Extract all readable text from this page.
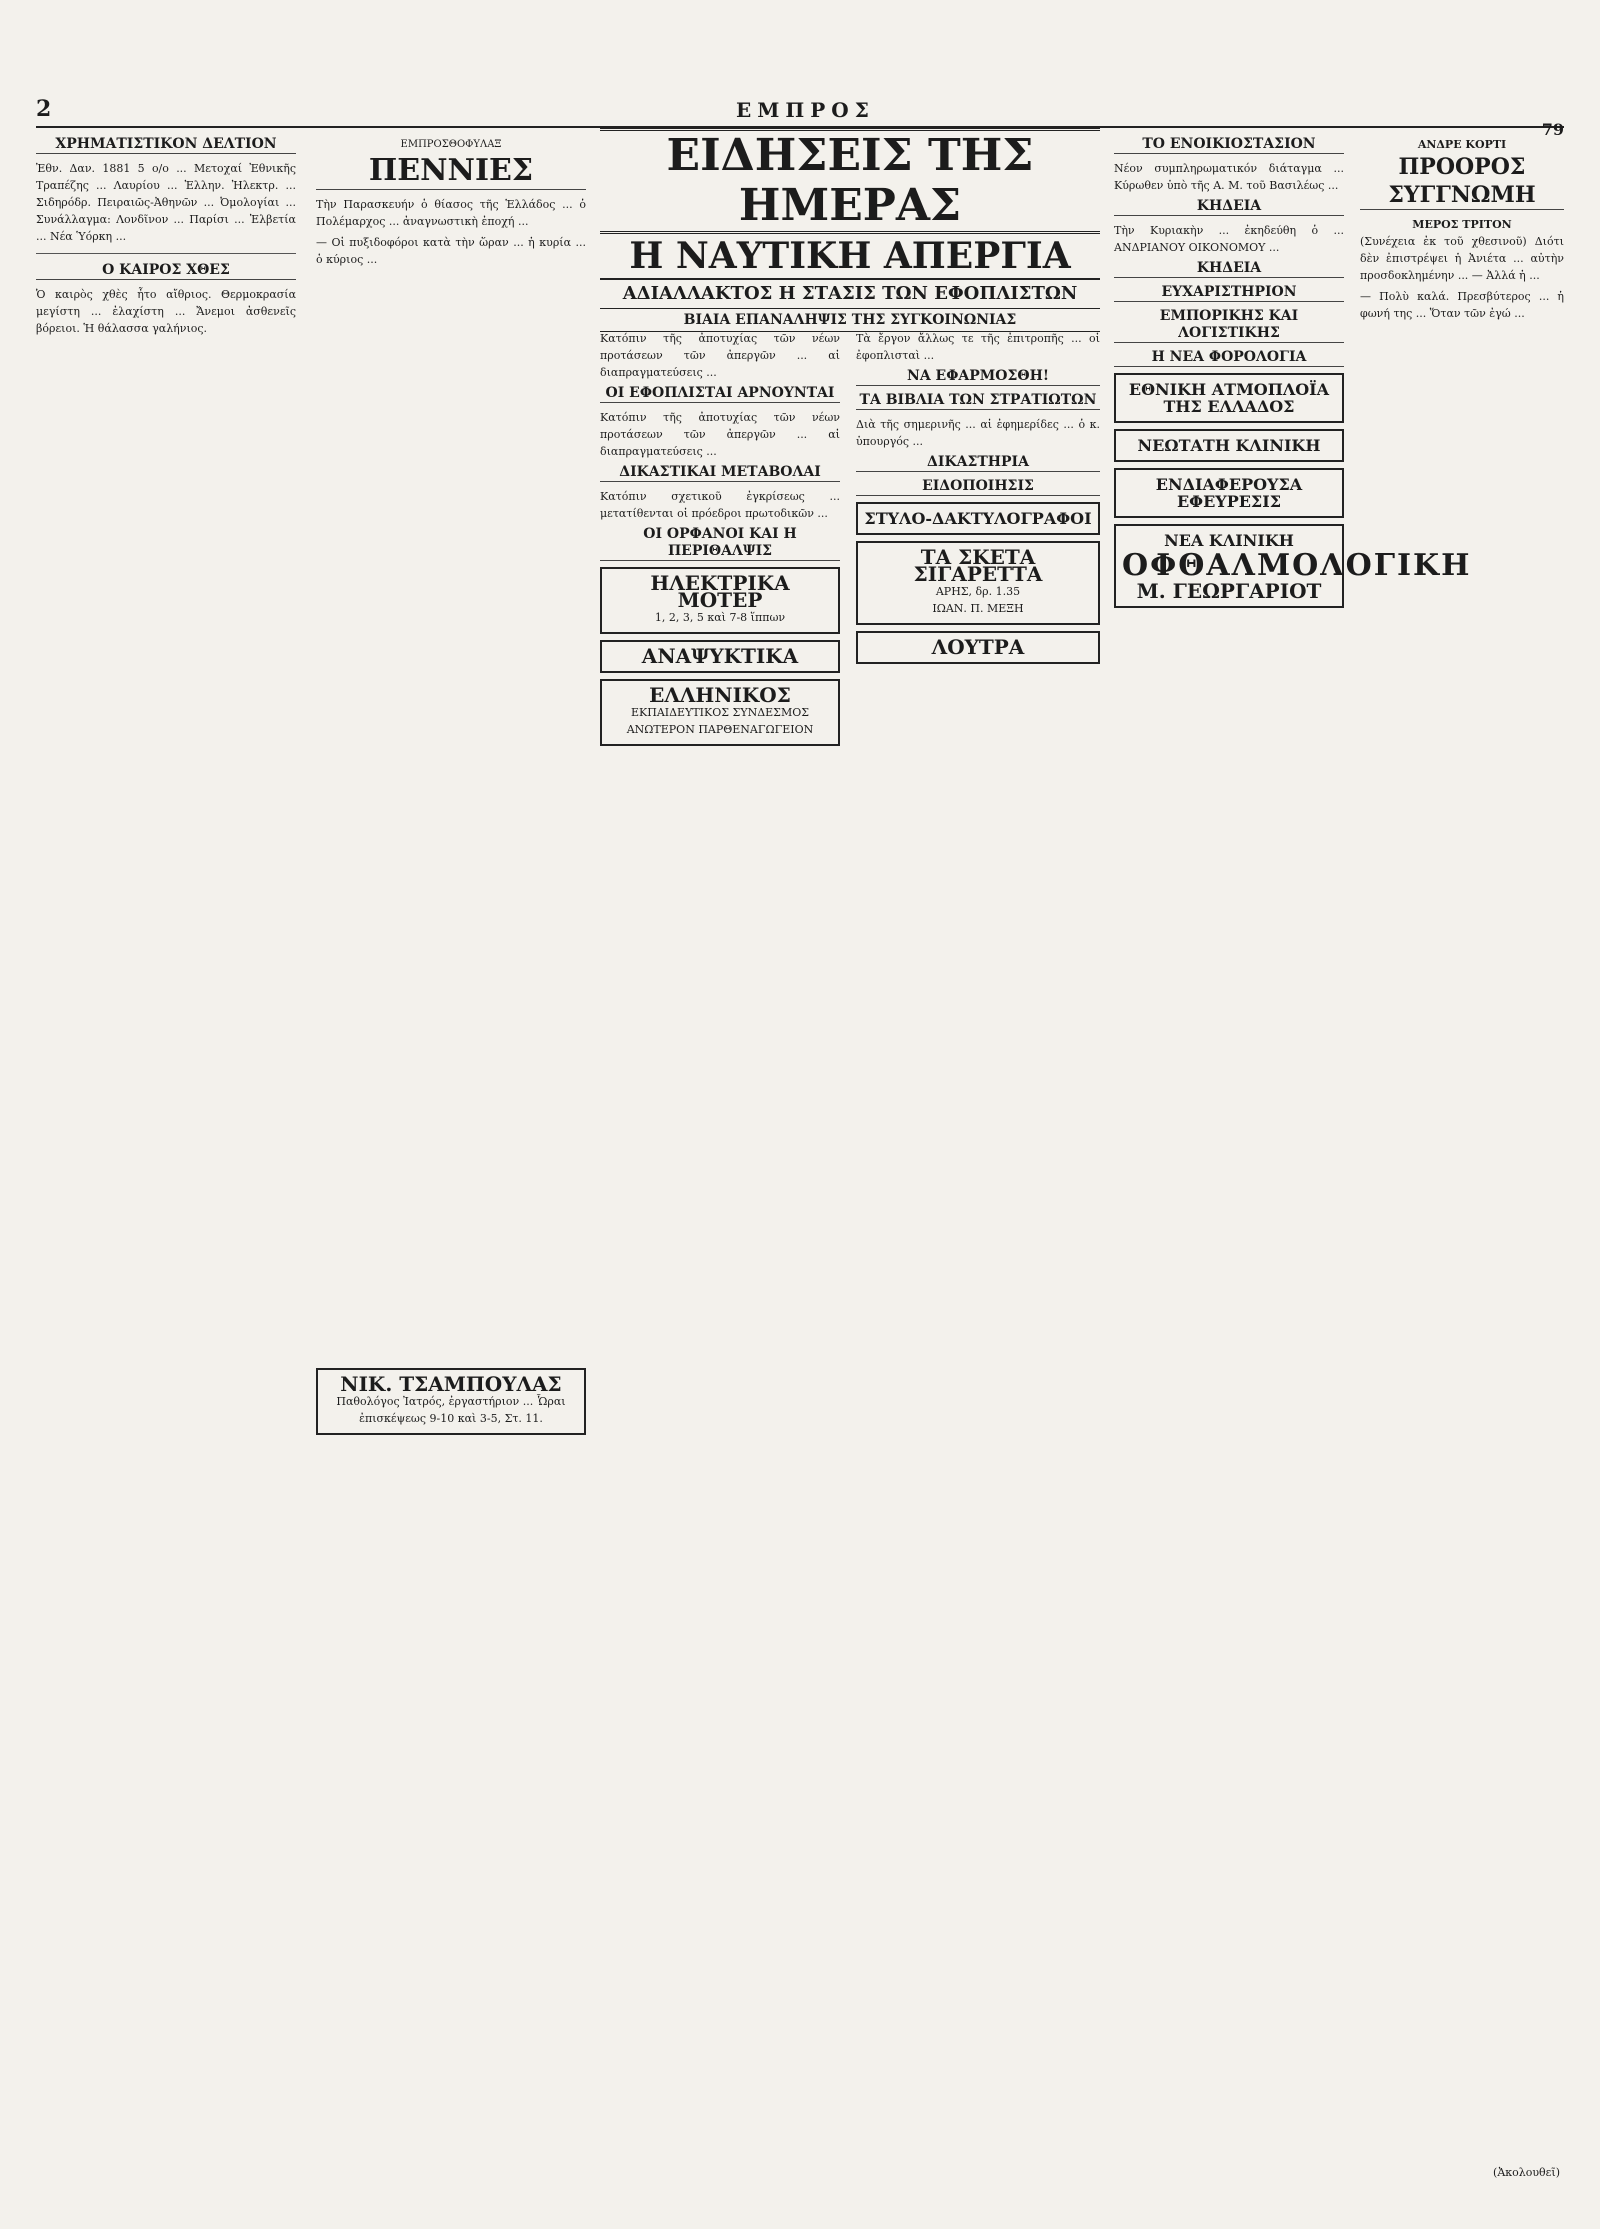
2	ΕΜΠΡΟΣ
79
ΧΡΗΜΑΤΙΣΤΙΚΟΝ ΔΕΛΤΙΟΝ

Ἐθν. Δαν. 1881 5 ο/ο ... Μετοχαί Ἐθνικῆς Τραπέζης ... Λαυρίου ... Ἑλλην. Ἠλεκτρ. ... Σιδηρόδρ. Πειραιῶς-Ἀθηνῶν ... Ὀμολογίαι ... Συνάλλαγμα: Λονδῖνον ... Παρίσι ... Ἑλβετία ... Νέα Ὑόρκη ...

Ο ΚΑΙΡΟΣ ΧΘΕΣ

Ὁ καιρὸς χθὲς ἦτο αἴθριος. Θερμοκρασία μεγίστη ... ἐλαχίστη ... Ἄνεμοι ἀσθενεῖς βόρειοι. Ἡ θάλασσα γαλήνιος.

ΕΜΠΡΟΣΘΟΦΥΛΑΞ
ΠΕΝΝΙΕΣ

Τὴν Παρασκευήν ὁ θίασος τῆς Ἑλλάδος ... ὁ Πολέμαρχος ... ἀναγνωστικὴ ἐποχή ...

— Οἱ πυξιδοφόροι κατὰ τὴν ὥραν ... ἡ κυρία ... ὁ κύριος ...

ΝΙΚ. ΤΣΑΜΠΟΥΛΑΣ
Παθολόγος Ἰατρός, ἐργαστήριον ... Ὧραι ἐπισκέψεως 9-10 καὶ 3-5, Στ. 11.
ΕΙΔΗΣΕΙΣ ΤΗΣ ΗΜΕΡΑΣ
Η ΝΑΥΤΙΚΗ ΑΠΕΡΓΙΑ
ΑΔΙΑΛΛΑΚΤΟΣ Η ΣΤΑΣΙΣ ΤΩΝ ΕΦΟΠΛΙΣΤΩΝ
ΒΙΑΙΑ ΕΠΑΝΑΛΗΨΙΣ ΤΗΣ ΣΥΓΚΟΙΝΩΝΙΑΣ

Κατόπιν τῆς ἀποτυχίας τῶν νέων προτάσεων τῶν ἀπεργῶν ... αἱ διαπραγματεύσεις ...

ΟΙ ΕΦΟΠΛΙΣΤΑΙ ΑΡΝΟΥΝΤΑΙ

Κατόπιν τῆς ἀποτυχίας τῶν νέων προτάσεων τῶν ἀπεργῶν ... αἱ διαπραγματεύσεις ...

ΔΙΚΑΣΤΙΚΑΙ ΜΕΤΑΒΟΛΑΙ

Κατόπιν σχετικοῦ ἐγκρίσεως ... μετατίθενται οἱ πρόεδροι πρωτοδικῶν ...

ΟΙ ΟΡΦΑΝΟΙ ΚΑΙ Η ΠΕΡΙΘΑΛΨΙΣ
ΗΛΕΚΤΡΙΚΑ ΜΟΤΕΡ
1, 2, 3, 5 καὶ 7-8 ἵππων
ΑΝΑΨΥΚΤΙΚΑ
ΕΛΛΗΝΙΚΟΣ
ΕΚΠΑΙΔΕΥΤΙΚΟΣ ΣΥΝΔΕΣΜΟΣ
ΑΝΩΤΕΡΟΝ ΠΑΡΘΕΝΑΓΩΓΕΙΟΝ

Τὰ ἔργον ἄλλως τε τῆς ἐπιτροπῆς ... οἱ ἐφοπλισταὶ ...

ΝΑ ΕΦΑΡΜΟΣΘΗ!
ΤΑ ΒΙΒΛΙΑ ΤΩΝ ΣΤΡΑΤΙΩΤΩΝ

Διὰ τῆς σημερινῆς ... αἱ ἐφημερίδες ... ὁ κ. ὑπουργός ...

ΔΙΚΑΣΤΗΡΙΑ
ΕΙΔΟΠΟΙΗΣΙΣ
ΣΤΥΛΟ-ΔΑΚΤΥΛΟΓΡΑΦΟΙ
ΤΑ ΣΚΕΤΑ ΣΙΓΑΡΕΤΤΑ
ΑΡΗΣ, δρ. 1.35
ΙΩΑΝ. Π. ΜΕΞΗ
ΛΟΥΤΡΑ
ΤΟ ΕΝΟΙΚΙΟΣΤΑΣΙΟΝ

Νέον συμπληρωματικόν διάταγμα ... Κύρωθεν ὑπὸ τῆς Α. Μ. τοῦ Βασιλέως ...

ΚΗΔΕΙΑ

Τὴν Κυριακὴν ... ἐκηδεύθη ὁ ... ΑΝΔΡΙΑΝΟΥ ΟΙΚΟΝΟΜΟΥ ...

ΚΗΔΕΙΑ
ΕΥΧΑΡΙΣΤΗΡΙΟΝ
ΕΜΠΟΡΙΚΗΣ ΚΑΙ ΛΟΓΙΣΤΙΚΗΣ
Η ΝΕΑ ΦΟΡΟΛΟΓΙΑ
ΕΘΝΙΚΗ ΑΤΜΟΠΛΟΪΑ ΤΗΣ ΕΛΛΑΔΟΣ
ΝΕΩΤΑΤΗ ΚΛΙΝΙΚΗ
ΕΝΔΙΑΦΕΡΟΥΣΑ ΕΦΕΥΡΕΣΙΣ
ΝΕΑ ΚΛΙΝΙΚΗ
ΟΦΘΑΛΜΟΛΟΓΙΚΗ
Μ. ΓΕΩΡΓΑΡΙΟΤ
ΑΝΔΡΕ ΚΟΡΤΙ
ΠΡΟΟΡΟΣ ΣΥΓΓΝΩΜΗ
ΜΕΡΟΣ ΤΡΙΤΟΝ

(Συνέχεια ἐκ τοῦ χθεσινοῦ) Διότι δὲν ἐπιστρέψει ἡ Ἀνιέτα ... αὐτὴν προσδοκλημένην ... — Ἀλλά ἡ ...

— Πολὺ καλά. Πρεσβύτερος ... ἡ φωνή της ... Ὅταν τῶν ἐγώ ...

(Ἀκολουθεῖ)
